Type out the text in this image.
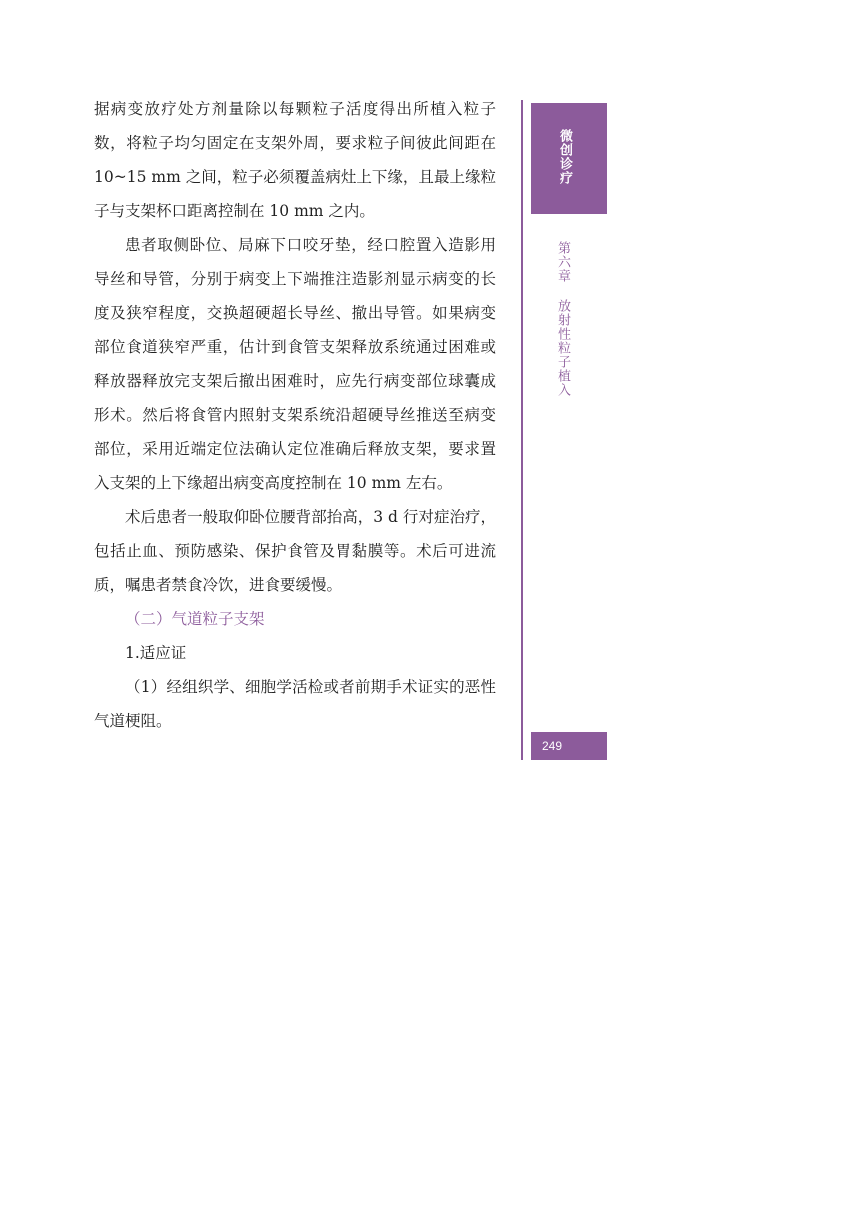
据病变放疗处方剂量除以每颗粒子活度得出所植入粒子数，将粒子均匀固定在支架外周，要求粒子间彼此间距在 10~15 mm 之间，粒子必须覆盖病灶上下缘，且最上缘粒子与支架杯口距离控制在 10 mm 之内。

患者取侧卧位、局麻下口咬牙垫，经口腔置入造影用导丝和导管，分别于病变上下端推注造影剂显示病变的长度及狭窄程度，交换超硬超长导丝、撤出导管。如果病变部位食道狭窄严重，估计到食管支架释放系统通过困难或释放器释放完支架后撤出困难时，应先行病变部位球囊成形术。然后将食管内照射支架系统沿超硬导丝推送至病变部位，采用近端定位法确认定位准确后释放支架，要求置入支架的上下缘超出病变高度控制在 10 mm 左右。

术后患者一般取仰卧位腰背部抬高，3 d 行对症治疗，包括止血、预防感染、保护食管及胃黏膜等。术后可进流质，嘱患者禁食冷饮，进食要缓慢。

（二）气道粒子支架

1.适应证

（1）经组织学、细胞学活检或者前期手术证实的恶性气道梗阻。

微创诊疗
第六章
放射性粒子植入
249
